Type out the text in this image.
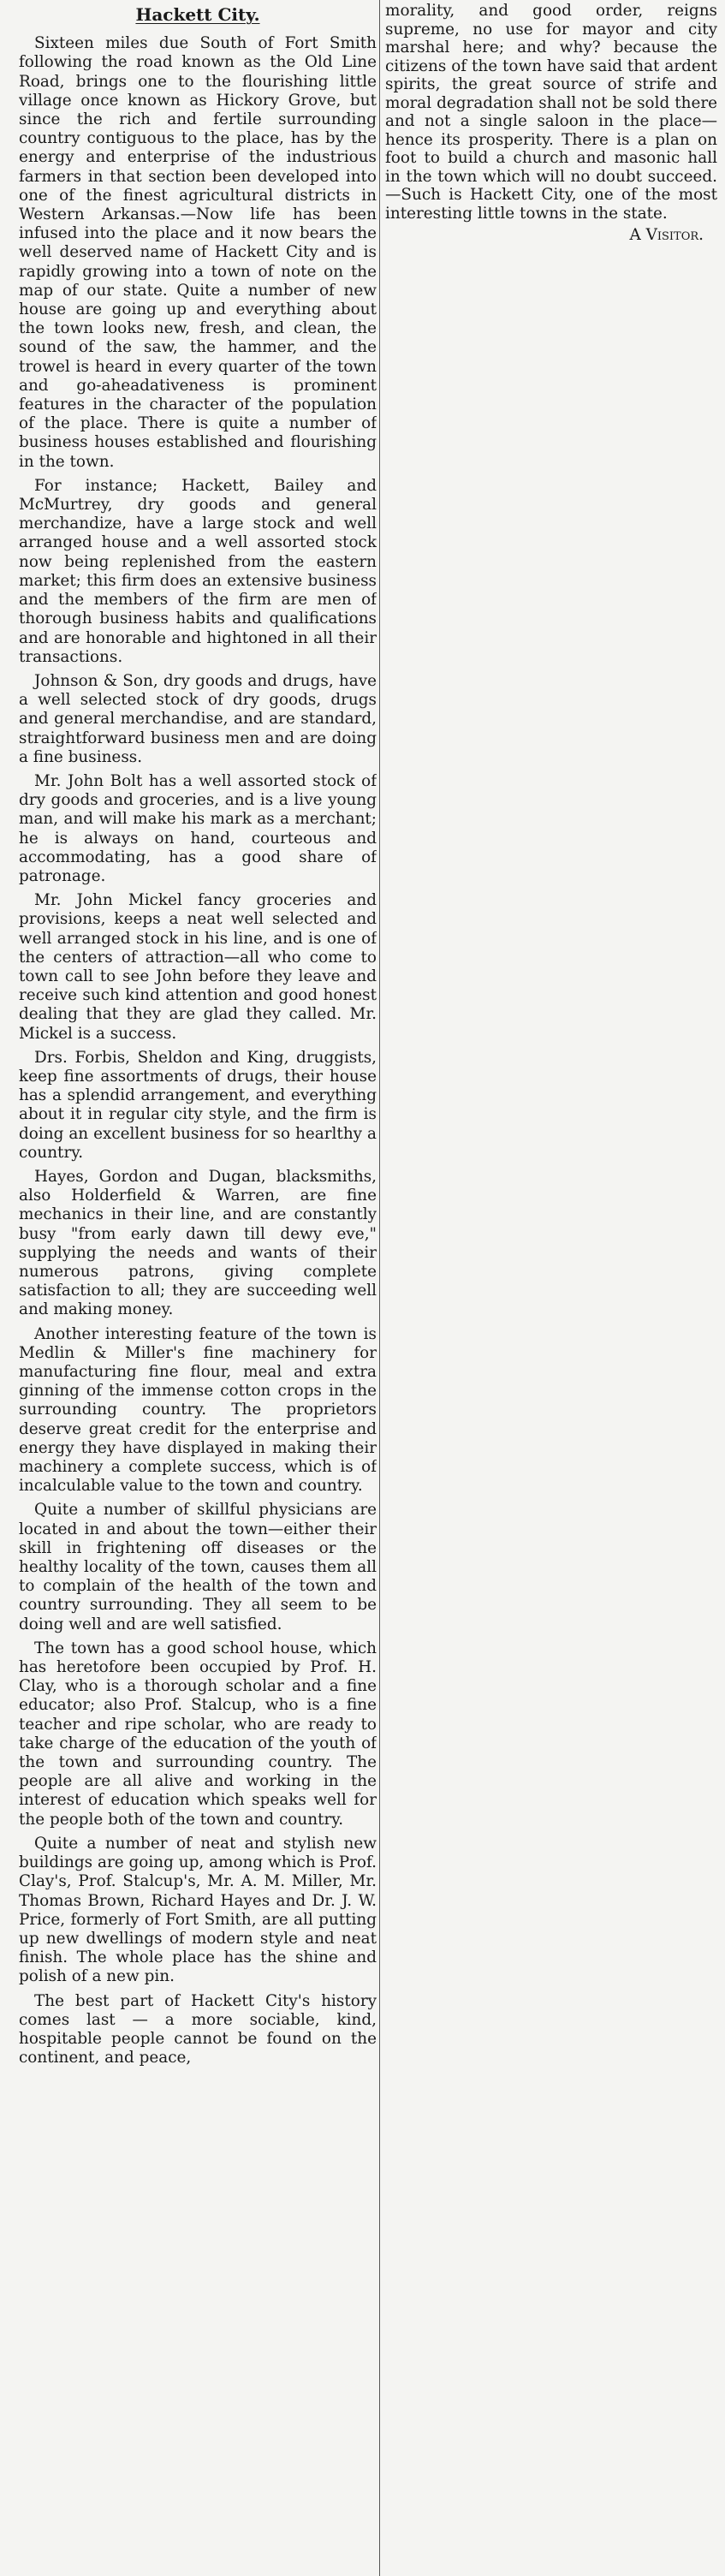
Hackett City.

Sixteen miles due South of Fort Smith following the road known as the Old Line Road, brings one to the flourishing little village once known as Hickory Grove, but since the rich and fertile surrounding country contiguous to the place, has by the energy and enterprise of the industrious farmers in that section been developed into one of the finest agricultural districts in Western Arkansas.—Now life has been infused into the place and it now bears the well deserved name of Hackett City and is rapidly growing into a town of note on the map of our state. Quite a number of new house are going up and everything about the town looks new, fresh, and clean, the sound of the saw, the hammer, and the trowel is heard in every quarter of the town and go-aheadativeness is prominent features in the character of the population of the place. There is quite a number of business houses established and flourishing in the town.

For instance; Hackett, Bailey and McMurtrey, dry goods and general merchandize, have a large stock and well arranged house and a well assorted stock now being replenished from the eastern market; this firm does an extensive business and the members of the firm are men of thorough business habits and qualifications and are honorable and hightoned in all their transactions.

Johnson & Son, dry goods and drugs, have a well selected stock of dry goods, drugs and general merchandise, and are standard, straightforward business men and are doing a fine business.

Mr. John Bolt has a well assorted stock of dry goods and groceries, and is a live young man, and will make his mark as a merchant; he is always on hand, courteous and accommodating, has a good share of patronage.

Mr. John Mickel fancy groceries and provisions, keeps a neat well selected and well arranged stock in his line, and is one of the centers of attraction—all who come to town call to see John before they leave and receive such kind attention and good honest dealing that they are glad they called. Mr. Mickel is a success.

Drs. Forbis, Sheldon and King, druggists, keep fine assortments of drugs, their house has a splendid arrangement, and everything about it in regular city style, and the firm is doing an excellent business for so hearlthy a country.

Hayes, Gordon and Dugan, blacksmiths, also Holderfield & Warren, are fine mechanics in their line, and are constantly busy "from early dawn till dewy eve," supplying the needs and wants of their numerous patrons, giving complete satisfaction to all; they are succeeding well and making money.

Another interesting feature of the town is Medlin & Miller's fine machinery for manufacturing fine flour, meal and extra ginning of the immense cotton crops in the surrounding country. The proprietors deserve great credit for the enterprise and energy they have displayed in making their machinery a complete success, which is of incalculable value to the town and country.

Quite a number of skillful physicians are located in and about the town—either their skill in frightening off diseases or the healthy locality of the town, causes them all to complain of the health of the town and country surrounding. They all seem to be doing well and are well satisfied.

The town has a good school house, which has heretofore been occupied by Prof. H. Clay, who is a thorough scholar and a fine educator; also Prof. Stalcup, who is a fine teacher and ripe scholar, who are ready to take charge of the education of the youth of the town and surrounding country. The people are all alive and working in the interest of education which speaks well for the people both of the town and country.

Quite a number of neat and stylish new buildings are going up, among which is Prof. Clay's, Prof. Stalcup's, Mr. A. M. Miller, Mr. Thomas Brown, Richard Hayes and Dr. J. W. Price, formerly of Fort Smith, are all putting up new dwellings of modern style and neat finish. The whole place has the shine and polish of a new pin.

The best part of Hackett City's history comes last — a more sociable, kind, hospitable people cannot be found on the continent, and peace,

morality, and good order, reigns supreme, no use for mayor and city marshal here; and why? because the citizens of the town have said that ardent spirits, the great source of strife and moral degradation shall not be sold there and not a single saloon in the place—hence its prosperity. There is a plan on foot to build a church and masonic hall in the town which will no doubt succeed.—Such is Hackett City, one of the most interesting little towns in the state.

A Visitor.
